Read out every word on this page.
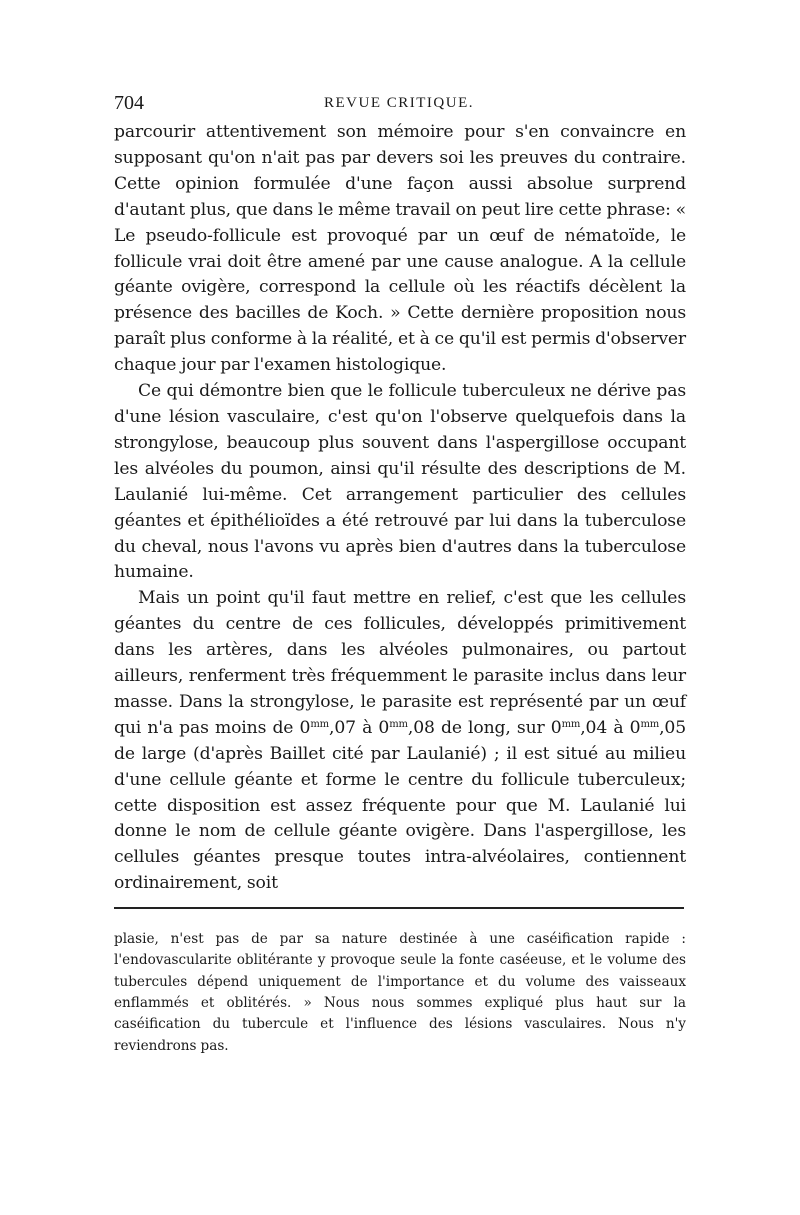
704	REVUE CRITIQUE.

parcourir attentivement son mémoire pour s'en convaincre en supposant qu'on n'ait pas par devers soi les preuves du contraire. Cette opinion formulée d'une façon aussi absolue surprend d'autant plus, que dans le même travail on peut lire cette phrase: « Le pseudo-follicule est provoqué par un œuf de nématoïde, le follicule vrai doit être amené par une cause analogue. A la cellule géante ovigère, correspond la cellule où les réactifs décèlent la présence des bacilles de Koch. » Cette dernière proposition nous paraît plus conforme à la réalité, et à ce qu'il est permis d'observer chaque jour par l'examen histologique.

Ce qui démontre bien que le follicule tuberculeux ne dérive pas d'une lésion vasculaire, c'est qu'on l'observe quelquefois dans la strongylose, beaucoup plus souvent dans l'aspergillose occupant les alvéoles du poumon, ainsi qu'il résulte des descriptions de M. Laulanié lui-même. Cet arrangement particulier des cellules géantes et épithélioïdes a été retrouvé par lui dans la tuberculose du cheval, nous l'avons vu après bien d'autres dans la tuberculose humaine.

Mais un point qu'il faut mettre en relief, c'est que les cellules géantes du centre de ces follicules, développés primitivement dans les artères, dans les alvéoles pulmonaires, ou partout ailleurs, renferment très fréquemment le parasite inclus dans leur masse. Dans la strongylose, le parasite est représenté par un œuf qui n'a pas moins de $0^{mm},07$ à $0^{mm},08$ de long, sur $0^{mm},04$ à $0^{mm},05$ de large (d'après Baillet cité par Laulanié) ; il est situé au milieu d'une cellule géante et forme le centre du follicule tuberculeux; cette disposition est assez fréquente pour que M. Laulanié lui donne le nom de cellule géante ovigère. Dans l'aspergillose, les cellules géantes presque toutes intra-alvéolaires, contiennent ordinairement, soit

plasie, n'est pas de par sa nature destinée à une caséification rapide : l'endovascularite oblitérante y provoque seule la fonte caséeuse, et le volume des tubercules dépend uniquement de l'importance et du volume des vaisseaux enflammés et oblitérés. » Nous nous sommes expliqué plus haut sur la caséification du tubercule et l'influence des lésions vasculaires. Nous n'y reviendrons pas.
